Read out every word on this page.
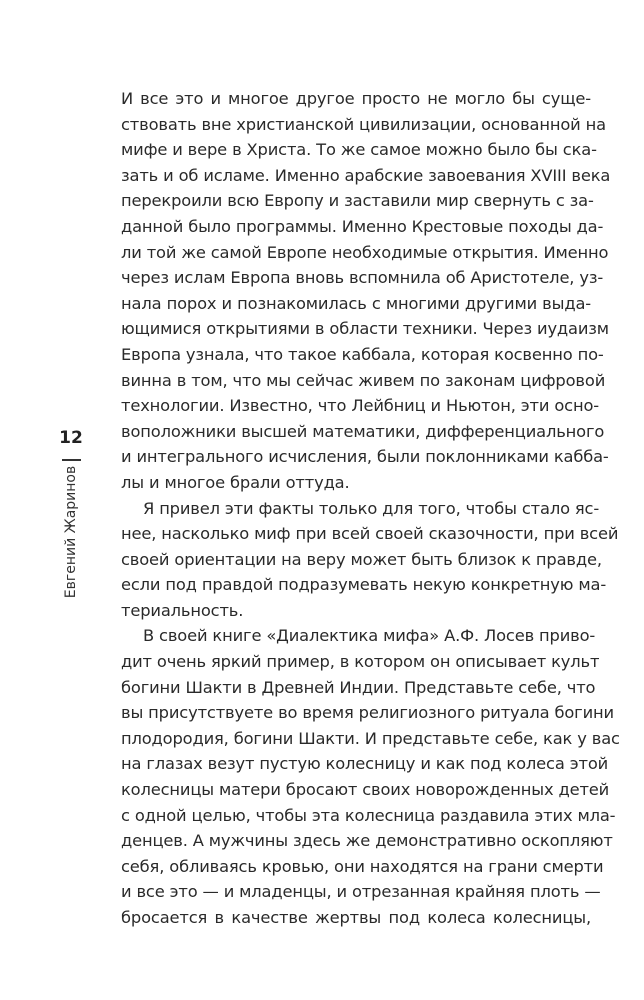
12
Евгений Жаринов
И все это и многое другое просто не могло бы суще-
ствовать вне христианской цивилизации, основанной на
мифе и вере в Христа. То же самое можно было бы ска-
зать и об исламе. Именно арабские завоевания XVIII века
перекроили всю Европу и заставили мир свернуть с за-
данной было программы. Именно Крестовые походы да-
ли той же самой Европе необходимые открытия. Именно
через ислам Европа вновь вспомнила об Аристотеле, уз-
нала порох и познакомилась с многими другими выда-
ющимися открытиями в области техники. Через иудаизм
Европа узнала, что такое каббала, которая косвенно по-
винна в том, что мы сейчас живем по законам цифровой
технологии. Известно, что Лейбниц и Ньютон, эти осно-
воположники высшей математики, дифференциального
и интегрального исчисления, были поклонниками кабба-
лы и многое брали оттуда.
Я привел эти факты только для того, чтобы стало яс-
нее, насколько миф при всей своей сказочности, при всей
своей ориентации на веру может быть близок к правде,
если под правдой подразумевать некую конкретную ма-
териальность.
В своей книге «Диалектика мифа» А.Ф. Лосев приво-
дит очень яркий пример, в котором он описывает культ
богини Шакти в Древней Индии. Представьте себе, что
вы присутствуете во время религиозного ритуала богини
плодородия, богини Шакти. И представьте себе, как у вас
на глазах везут пустую колесницу и как под колеса этой
колесницы матери бросают своих новорожденных детей
с одной целью, чтобы эта колесница раздавила этих мла-
денцев. А мужчины здесь же демонстративно оскопляют
себя, обливаясь кровью, они находятся на грани смерти
и все это — и младенцы, и отрезанная крайняя плоть —
бросается в качестве жертвы под колеса колесницы,
